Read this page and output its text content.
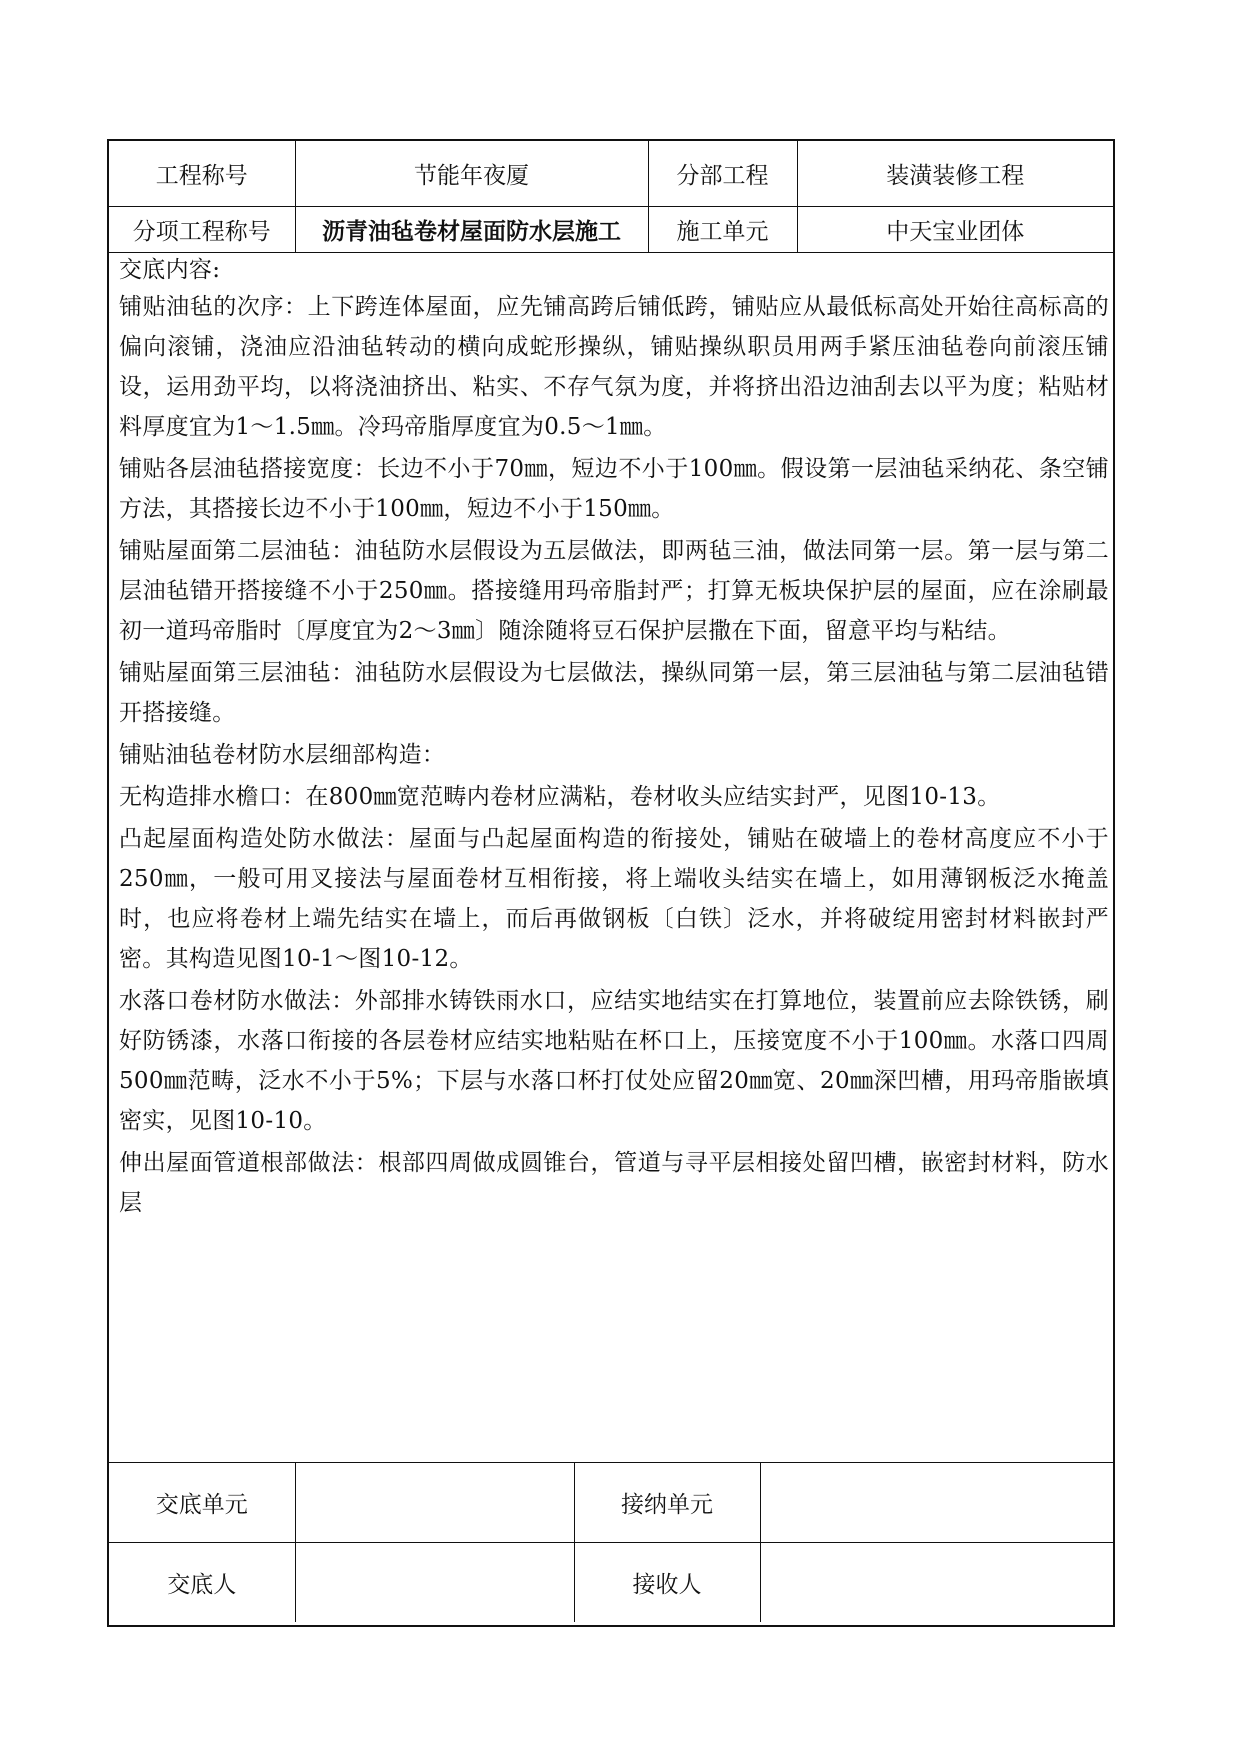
工程称号	节能年夜厦	分部工程	装潢装修工程
分项工程称号	沥青油毡卷材屋面防水层施工	施工单元	中天宝业团体

交底内容:

铺贴油毡的次序：上下跨连体屋面，应先铺高跨后铺低跨，铺贴应从最低标高处开始往高标高的偏向滚铺，浇油应沿油毡转动的横向成蛇形操纵，铺贴操纵职员用两手紧压油毡卷向前滚压铺设，运用劲平均，以将浇油挤出、粘实、不存气氛为度，并将挤出沿边油刮去以平为度；粘贴材料厚度宜为1～1.5㎜。冷玛帝脂厚度宜为0.5～1㎜。

铺贴各层油毡搭接宽度：长边不小于70㎜，短边不小于100㎜。假设第一层油毡采纳花、条空铺方法，其搭接长边不小于100㎜，短边不小于150㎜。

铺贴屋面第二层油毡：油毡防水层假设为五层做法，即两毡三油，做法同第一层。第一层与第二层油毡错开搭接缝不小于250㎜。搭接缝用玛帝脂封严；打算无板块保护层的屋面，应在涂刷最初一道玛帝脂时〔厚度宜为2～3㎜〕随涂随将豆石保护层撒在下面，留意平均与粘结。

铺贴屋面第三层油毡：油毡防水层假设为七层做法，操纵同第一层，第三层油毡与第二层油毡错开搭接缝。

铺贴油毡卷材防水层细部构造：

无构造排水檐口：在800㎜宽范畴内卷材应满粘，卷材收头应结实封严，见图10-13。

凸起屋面构造处防水做法：屋面与凸起屋面构造的衔接处，铺贴在破墙上的卷材高度应不小于250㎜，一般可用叉接法与屋面卷材互相衔接，将上端收头结实在墙上，如用薄钢板泛水掩盖时，也应将卷材上端先结实在墙上，而后再做钢板〔白铁〕泛水，并将破绽用密封材料嵌封严密。其构造见图10-1～图10-12。

水落口卷材防水做法：外部排水铸铁雨水口，应结实地结实在打算地位，装置前应去除铁锈，刷好防锈漆，水落口衔接的各层卷材应结实地粘贴在杯口上，压接宽度不小于100㎜。水落口四周500㎜范畴，泛水不小于5%；下层与水落口杯打仗处应留20㎜宽、20㎜深凹槽，用玛帝脂嵌填密实，见图10-10。

伸出屋面管道根部做法：根部四周做成圆锥台，管道与寻平层相接处留凹槽，嵌密封材料，防水层

交底单元		接纳单元	
交底人		接收人	
